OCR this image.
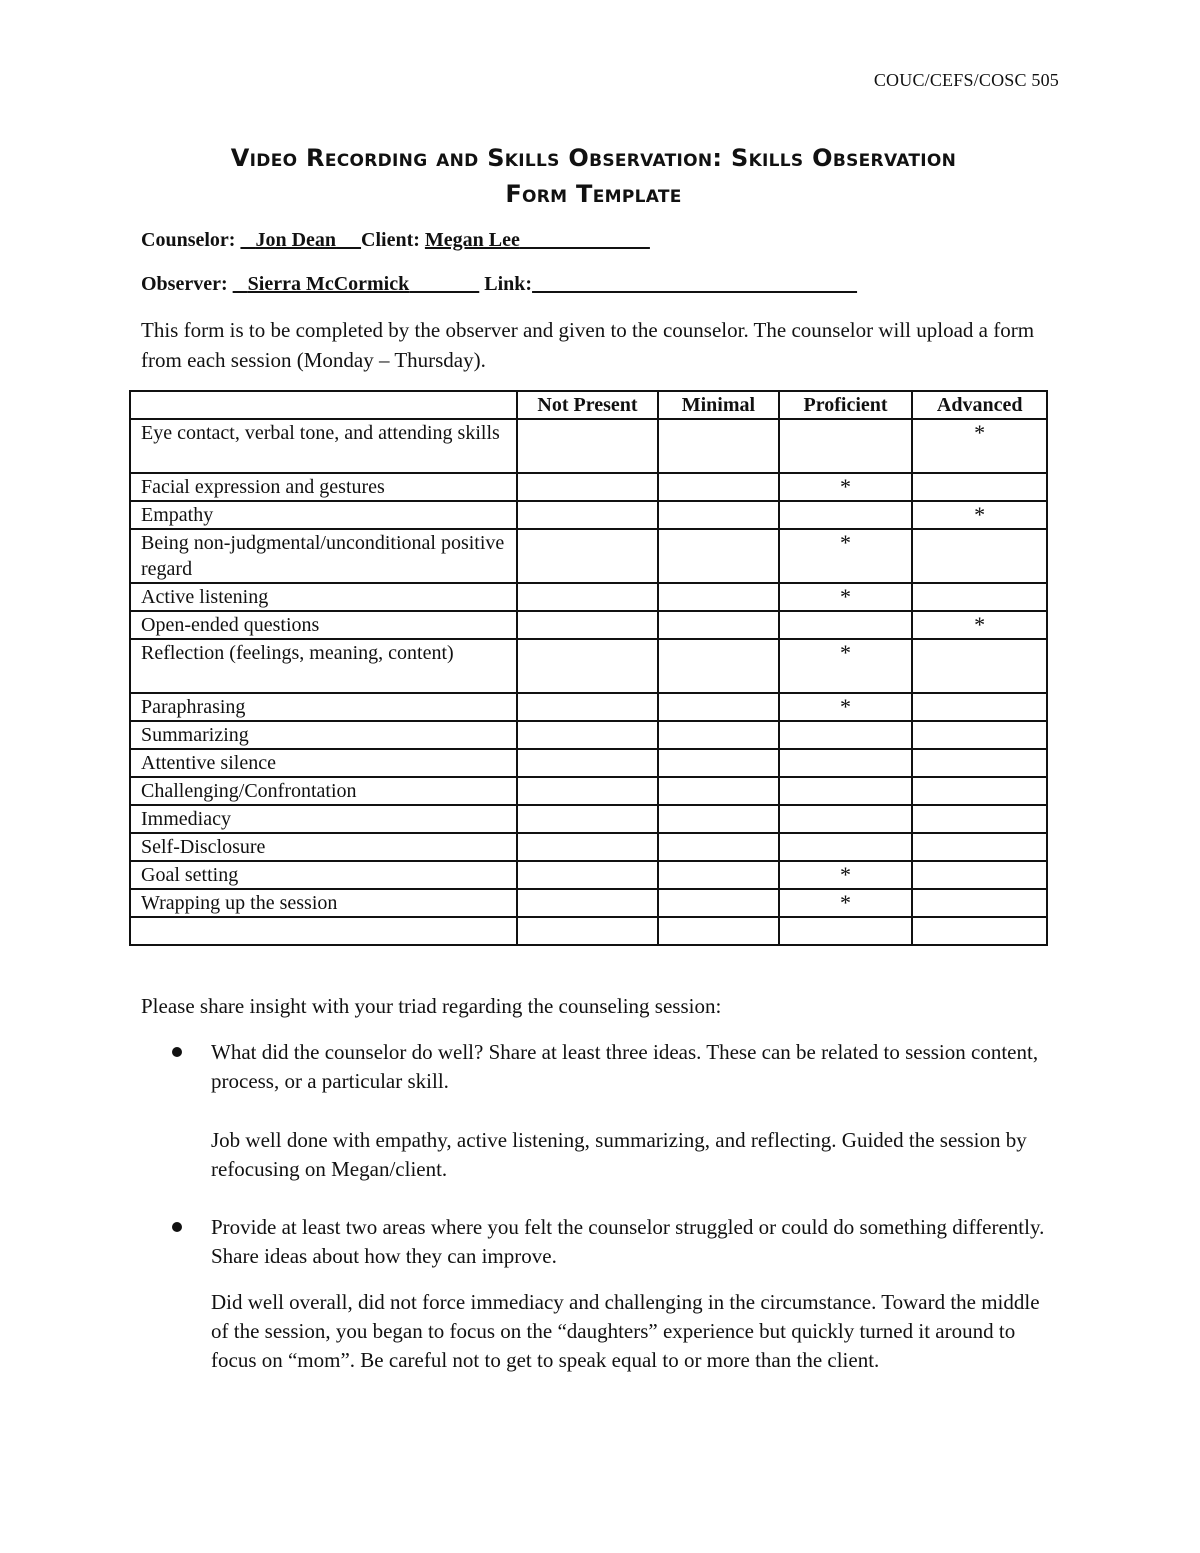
COUC/CEFS/COSC 505
Video Recording and Skills Observation: Skills Observation
Form Template
Counselor: Jon Dean Client: Megan Lee
Observer: Sierra McCormick	Link:
This form is to be completed by the observer and given to the counselor. The counselor will upload a form from each session (Monday – Thursday).
	Not Present	Minimal	Proficient	Advanced
Eye contact, verbal tone, and attending skills				*
Facial expression and gestures			*	
Empathy				*
Being non-judgmental/unconditional positive regard			*	
Active listening			*	
Open-ended questions				*
Reflection (feelings, meaning, content)			*	
Paraphrasing			*	
Summarizing				
Attentive silence				
Challenging/Confrontation				
Immediacy				
Self-Disclosure				
Goal setting			*	
Wrapping up the session			*	

Please share insight with your triad regarding the counseling session:
What did the counselor do well? Share at least three ideas. These can be related to session content, process, or a particular skill.
Job well done with empathy, active listening, summarizing, and reflecting. Guided the session by refocusing on Megan/client.
Provide at least two areas where you felt the counselor struggled or could do something differently. Share ideas about how they can improve.
Did well overall, did not force immediacy and challenging in the circumstance. Toward the middle of the session, you began to focus on the “daughters” experience but quickly turned it around to focus on “mom”. Be careful not to get to speak equal to or more than the client.
